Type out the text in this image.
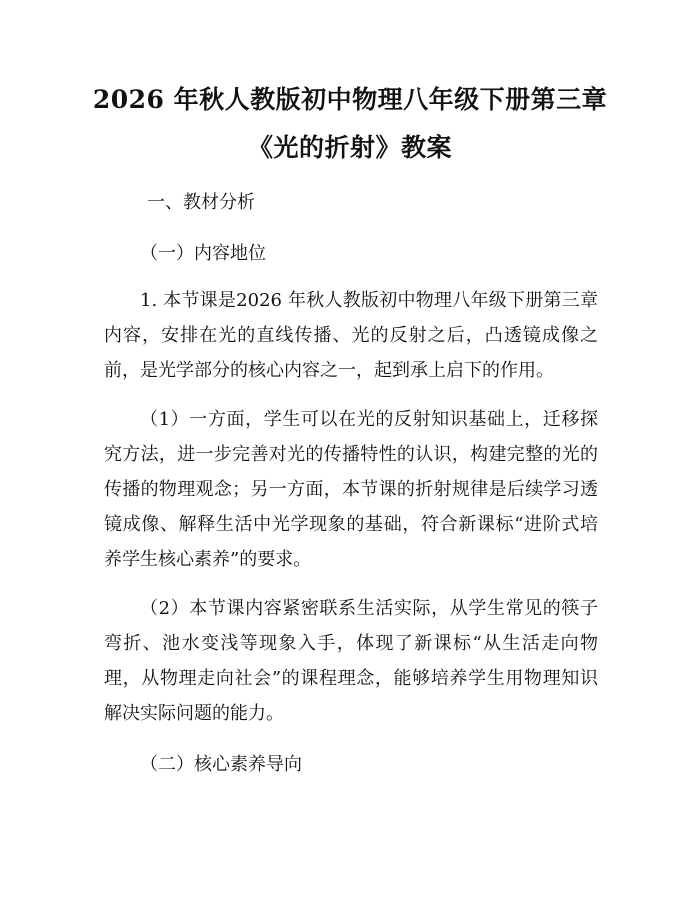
2026 年秋人教版初中物理八年级下册第三章
《光的折射》教案
一、教材分析
（一）内容地位
1. 本节课是2026 年秋人教版初中物理八年级下册第三章内容，安排在光的直线传播、光的反射之后，凸透镜成像之前，是光学部分的核心内容之一，起到承上启下的作用。
（1）一方面，学生可以在光的反射知识基础上，迁移探究方法，进一步完善对光的传播特性的认识，构建完整的光的传播的物理观念；另一方面，本节课的折射规律是后续学习透镜成像、解释生活中光学现象的基础，符合新课标“进阶式培养学生核心素养”的要求。
（2）本节课内容紧密联系生活实际，从学生常见的筷子弯折、池水变浅等现象入手，体现了新课标“从生活走向物理，从物理走向社会”的课程理念，能够培养学生用物理知识解决实际问题的能力。
（二）核心素养导向
